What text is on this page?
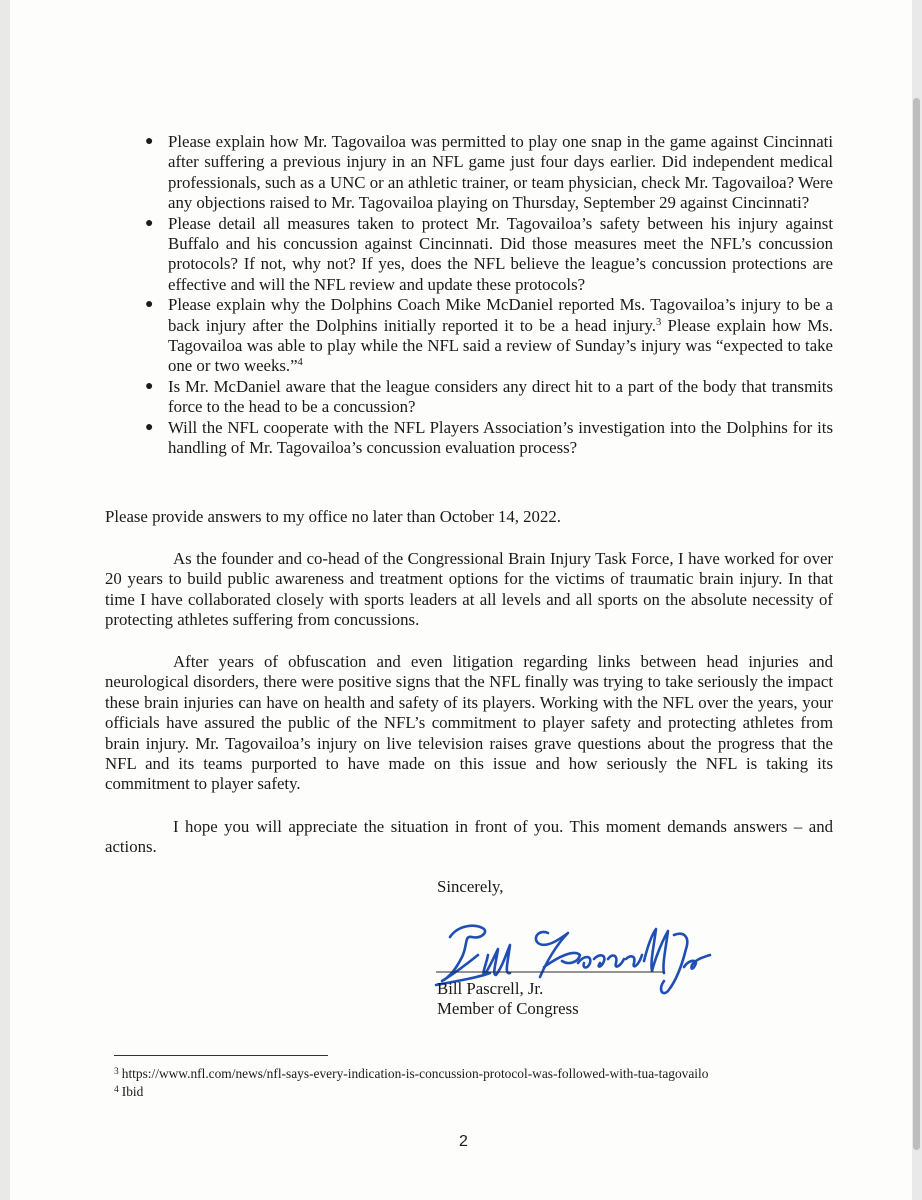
● Please explain how Mr. Tagovailoa was permitted to play one snap in the game against Cincinnati after suffering a previous injury in an NFL game just four days earlier. Did independent medical professionals, such as a UNC or an athletic trainer, or team physician, check Mr. Tagovailoa? Were any objections raised to Mr. Tagovailoa playing on Thursday, September 29 against Cincinnati?
● Please detail all measures taken to protect Mr. Tagovailoa’s safety between his injury against Buffalo and his concussion against Cincinnati. Did those measures meet the NFL’s concussion protocols? If not, why not? If yes, does the NFL believe the league’s concussion protections are effective and will the NFL review and update these protocols?
● Please explain why the Dolphins Coach Mike McDaniel reported Ms. Tagovailoa’s injury to be a back injury after the Dolphins initially reported it to be a head injury.$^3$ Please explain how Ms. Tagovailoa was able to play while the NFL said a review of Sunday’s injury was “expected to take one or two weeks.”$^4$
● Is Mr. McDaniel aware that the league considers any direct hit to a part of the body that transmits force to the head to be a concussion?
● Will the NFL cooperate with the NFL Players Association’s investigation into the Dolphins for its handling of Mr. Tagovailoa’s concussion evaluation process?
Please provide answers to my office no later than October 14, 2022.
As the founder and co-head of the Congressional Brain Injury Task Force, I have worked for over 20 years to build public awareness and treatment options for the victims of traumatic brain injury. In that time I have collaborated closely with sports leaders at all levels and all sports on the absolute necessity of protecting athletes suffering from concussions.
After years of obfuscation and even litigation regarding links between head injuries and neurological disorders, there were positive signs that the NFL finally was trying to take seriously the impact these brain injuries can have on health and safety of its players. Working with the NFL over the years, your officials have assured the public of the NFL’s commitment to player safety and protecting athletes from brain injury. Mr. Tagovailoa’s injury on live television raises grave questions about the progress that the NFL and its teams purported to have made on this issue and how seriously the NFL is taking its commitment to player safety.
I hope you will appreciate the situation in front of you. This moment demands answers – and actions.
Sincerely,
Bill Pascrell, Jr.
Member of Congress
$^3$ https://www.nfl.com/news/nfl-says-every-indication-is-concussion-protocol-was-followed-with-tua-tagovailo
$^4$ Ibid
2
